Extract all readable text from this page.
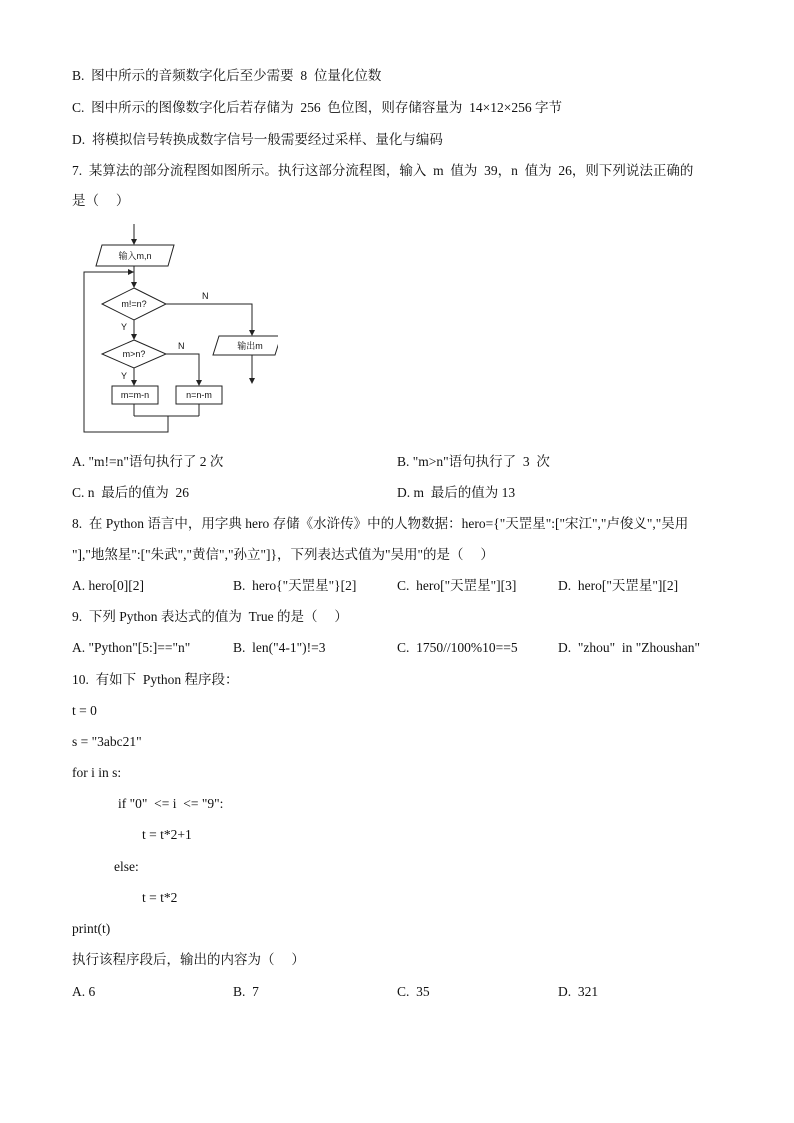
B.  图中所示的音频数字化后至少需要  8  位量化位数
C.  图中所示的图像数字化后若存储为  256  色位图，则存储容量为  14×12×256 字节
D.  将模拟信号转换成数字信号一般需要经过采样、量化与编码
7.  某算法的部分流程图如图所示。执行这部分流程图，输入  m  值为  39，n  值为  26，则下列说法正确的
是（     ）
输入m,n
m!=n?
N
输出m
Y
m>n?
N
Y
m=m-n	n=n-m
A. "m!=n"语句执行了 2 次	B. "m>n"语句执行了  3  次
C. n  最后的值为  26	D. m  最后的值为 13
8.  在 Python 语言中，用字典 hero 存储《水浒传》中的人物数据：hero={"天罡星":["宋江","卢俊义","吴用
"],"地煞星":["朱武","黄信","孙立"]}，下列表达式值为"吴用"的是（     ）
A. hero[0][2]	B.  hero{"天罡星"}[2]	C.  hero["天罡星"][3]	D.  hero["天罡星"][2]
9.  下列 Python 表达式的值为  True 的是（     ）
A. "Python"[5:]=="n"	B.  len("4-1")!=3	C.  1750//100%10==5	D.  "zhou"  in "Zhoushan"
10.  有如下  Python 程序段：
t = 0
s = "3abc21"
for i in s:
if "0"  <= i  <= "9":
t = t*2+1
else:
t = t*2
print(t)
执行该程序段后，输出的内容为（     ）
A. 6	B.  7	C.  35	D.  321
